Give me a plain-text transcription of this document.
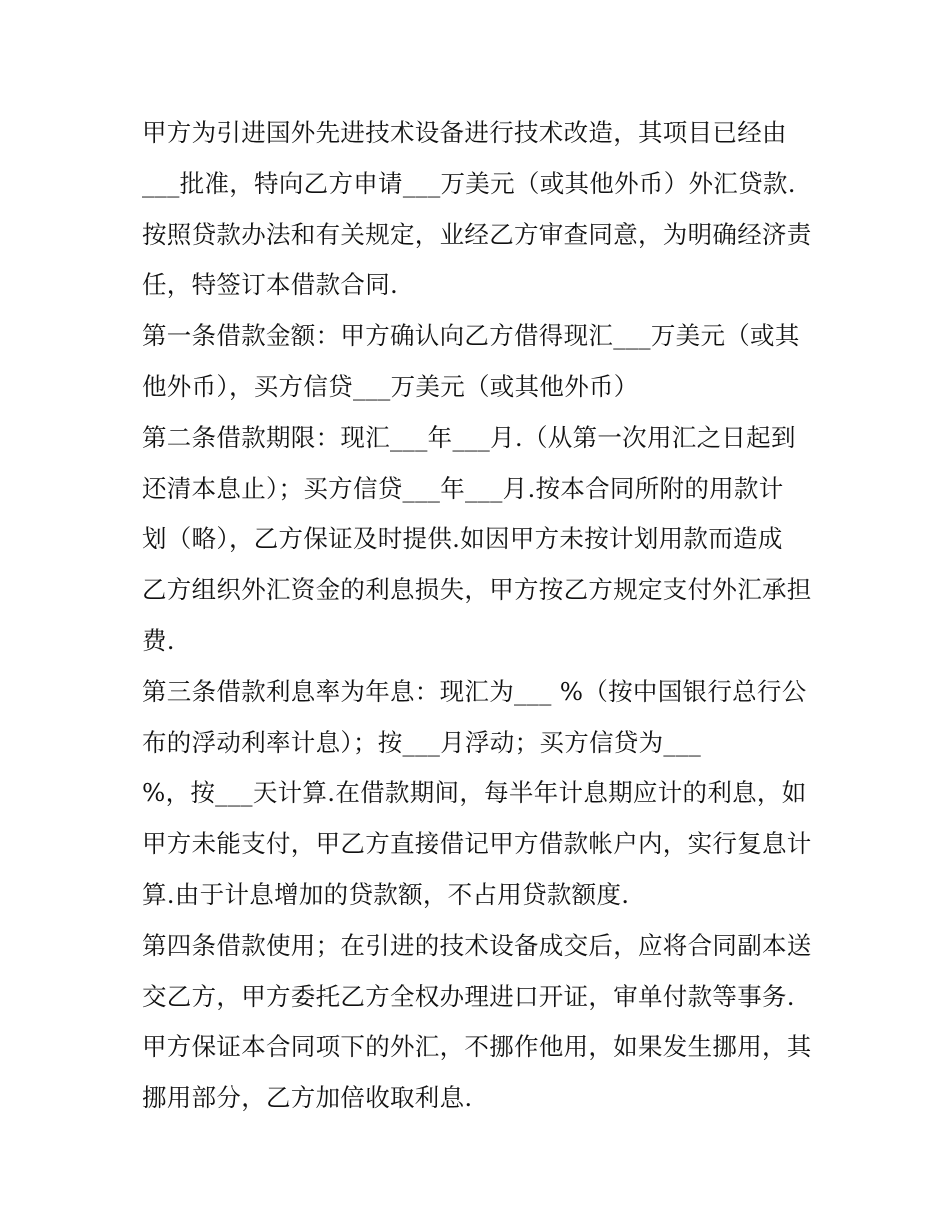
甲方为引进国外先进技术设备进行技术改造，其项目已经由
___批准，特向乙方申请___万美元（或其他外币）外汇贷款.
按照贷款办法和有关规定，业经乙方审查同意，为明确经济责
任，特签订本借款合同.
第一条借款金额：甲方确认向乙方借得现汇___万美元（或其
他外币），买方信贷___万美元（或其他外币）
第二条借款期限：现汇___年___月.（从第一次用汇之日起到
还清本息止）；买方信贷___年___月.按本合同所附的用款计
划（略），乙方保证及时提供.如因甲方未按计划用款而造成
乙方组织外汇资金的利息损失，甲方按乙方规定支付外汇承担
费.
第三条借款利息率为年息：现汇为___ %（按中国银行总行公
布的浮动利率计息）；按___月浮动；买方信贷为___
%，按___天计算.在借款期间，每半年计息期应计的利息，如
甲方未能支付，甲乙方直接借记甲方借款帐户内，实行复息计
算.由于计息增加的贷款额，不占用贷款额度.
第四条借款使用；在引进的技术设备成交后，应将合同副本送
交乙方，甲方委托乙方全权办理进口开证，审单付款等事务.
甲方保证本合同项下的外汇，不挪作他用，如果发生挪用，其
挪用部分，乙方加倍收取利息.
